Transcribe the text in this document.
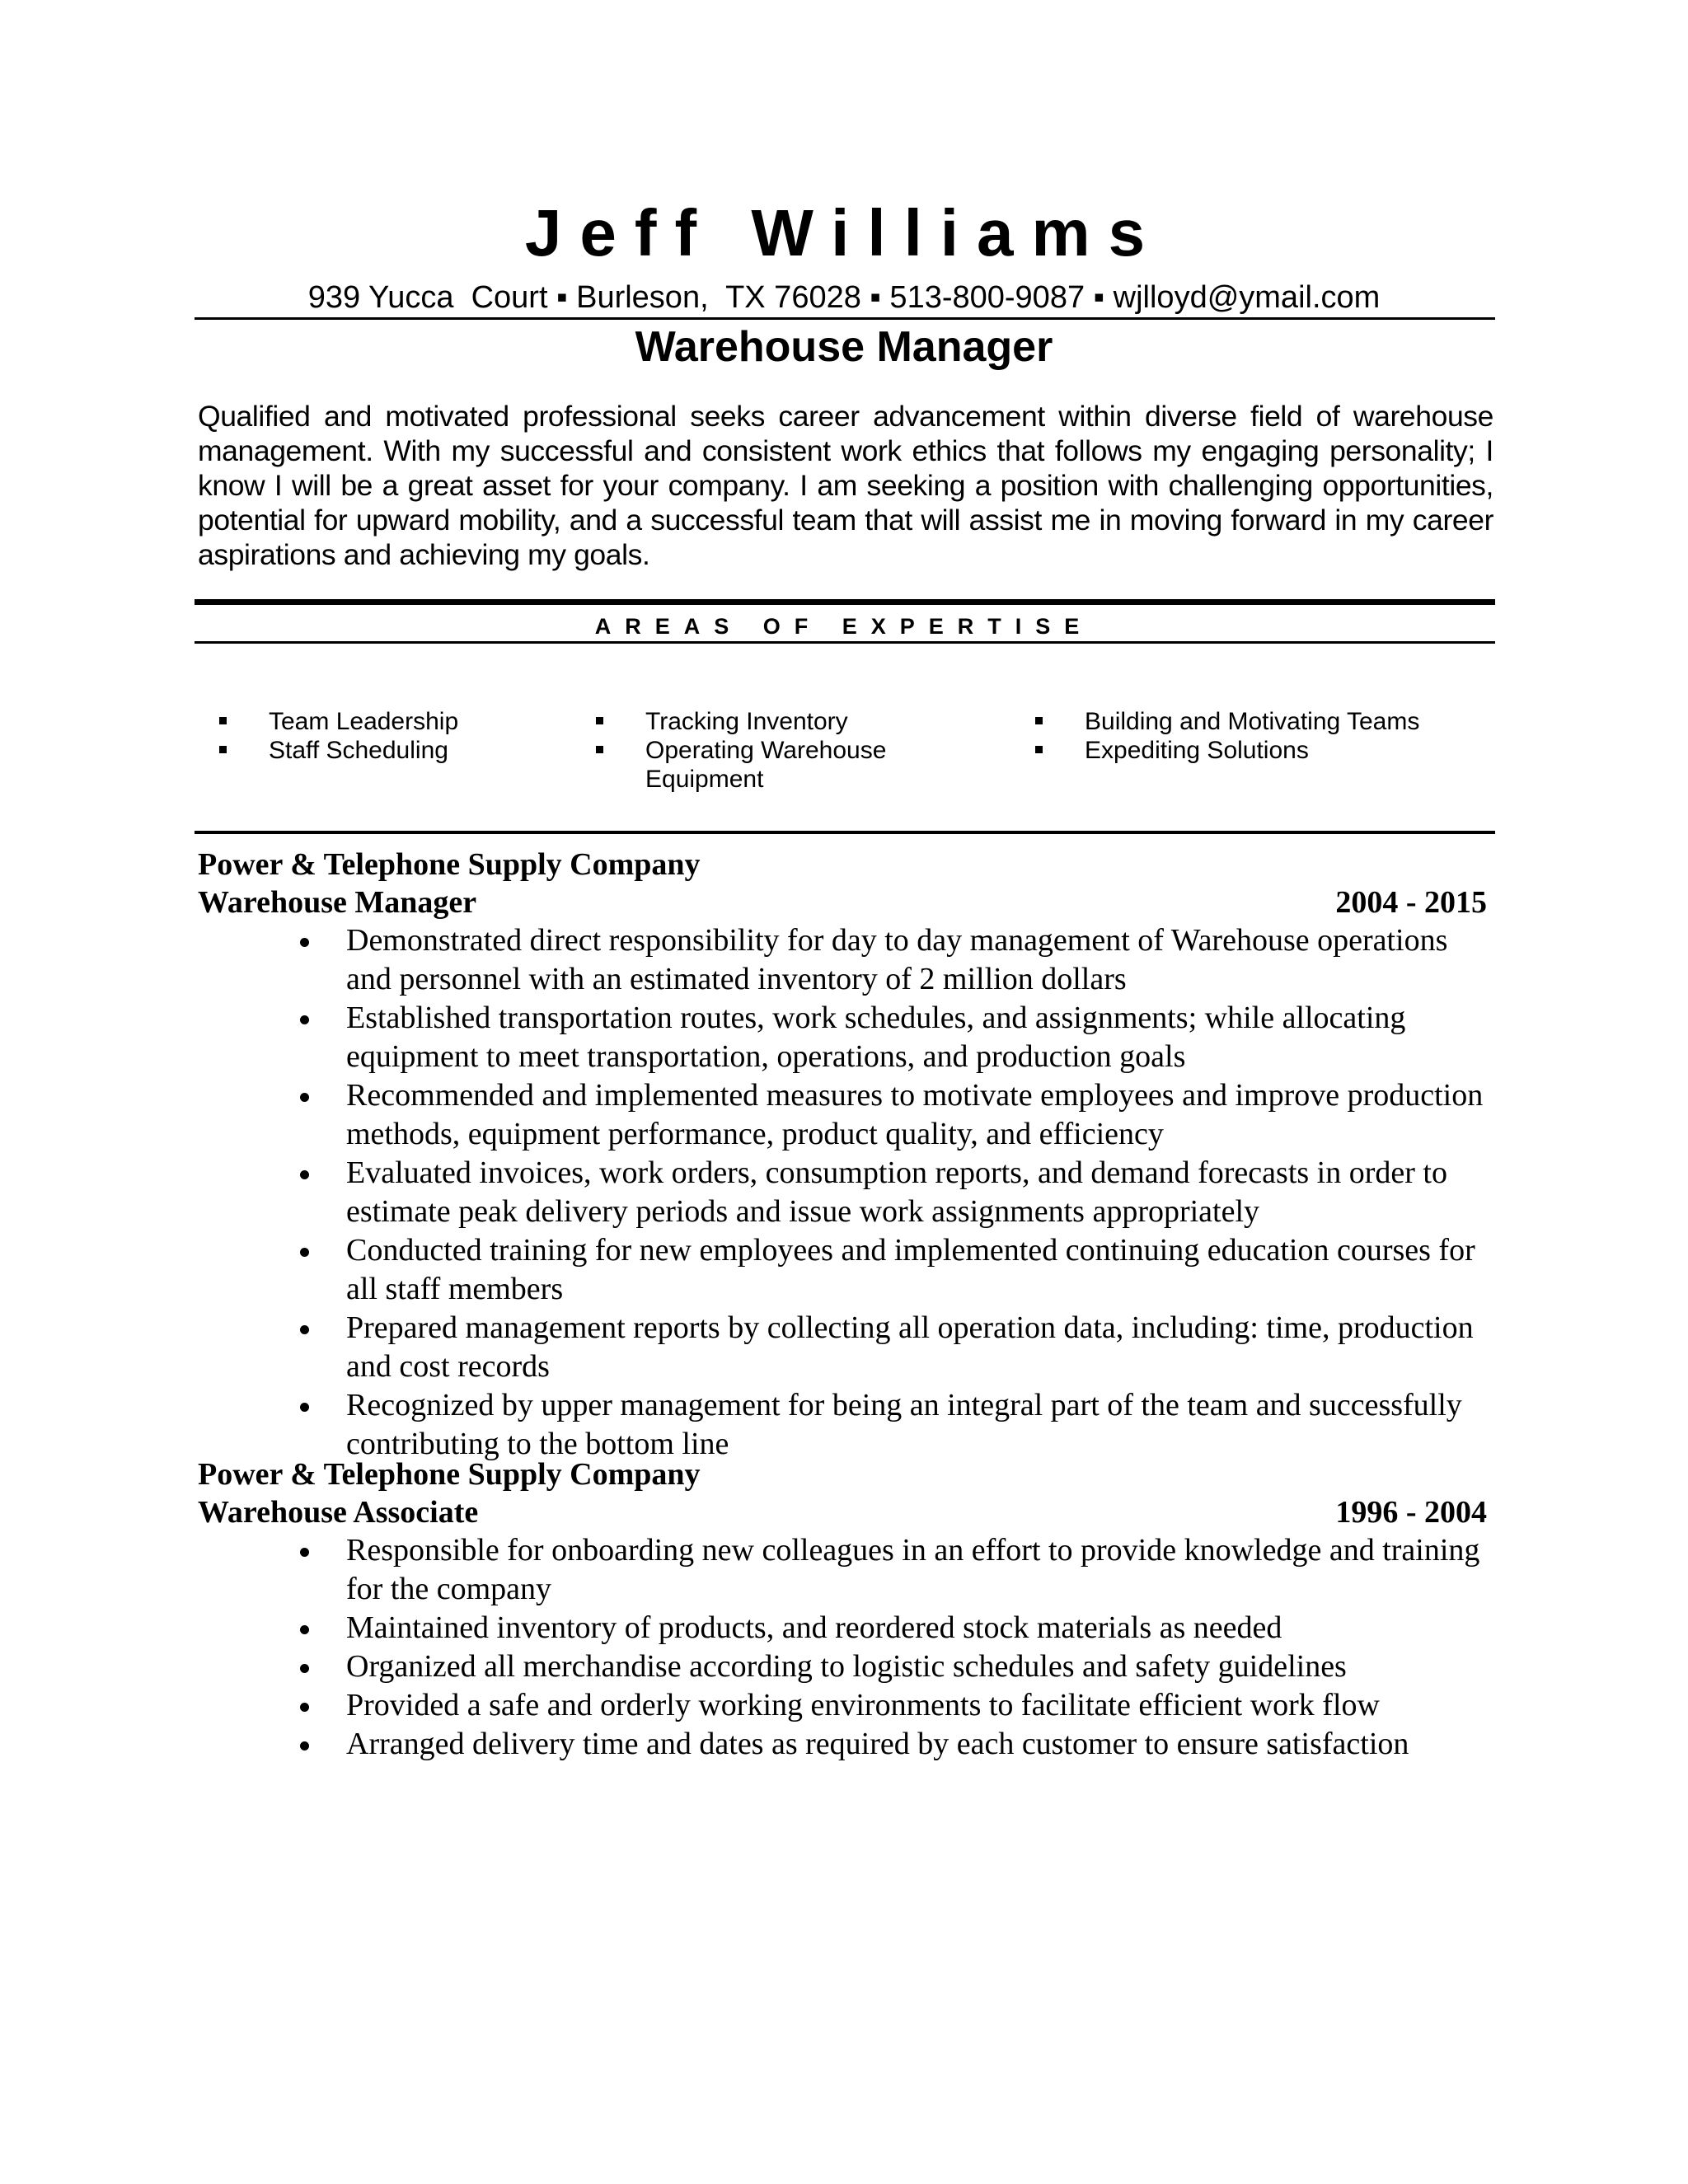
Jeff Williams
939 Yucca  Court ▪ Burleson,  TX 76028 ▪ 513-800-9087 ▪ wjlloyd@ymail.com
Warehouse Manager
Qualified and motivated professional seeks career advancement within diverse field of warehouse management. With my successful and consistent work ethics that follows my engaging personality; I know I will be a great asset for your company. I am seeking a position with challenging opportunities, potential for upward mobility, and a successful team that will assist me in moving forward in my career aspirations and achieving my goals.
AREAS OF EXPERTISE
Team Leadership
Staff Scheduling
Tracking Inventory
Operating Warehouse Equipment
Building and Motivating Teams
Expediting Solutions
Power & Telephone Supply Company
Warehouse Manager	2004 - 2015
Demonstrated direct responsibility for day to day management of Warehouse operations and personnel with an estimated inventory of 2 million dollars
Established transportation routes, work schedules, and assignments; while allocating equipment to meet transportation, operations, and production goals
Recommended and implemented measures to motivate employees and improve production methods, equipment performance, product quality, and efficiency
Evaluated invoices, work orders, consumption reports, and demand forecasts in order to estimate peak delivery periods and issue work assignments appropriately
Conducted training for new employees and implemented continuing education courses for all staff members
Prepared management reports by collecting all operation data, including: time, production and cost records
Recognized by upper management for being an integral part of the team and successfully contributing to the bottom line
Power & Telephone Supply Company
Warehouse Associate	1996 - 2004
Responsible for onboarding new colleagues in an effort to provide knowledge and training for the company
Maintained inventory of products, and reordered stock materials as needed
Organized all merchandise according to logistic schedules and safety guidelines
Provided a safe and orderly working environments to facilitate efficient work flow
Arranged delivery time and dates as required by each customer to ensure satisfaction
